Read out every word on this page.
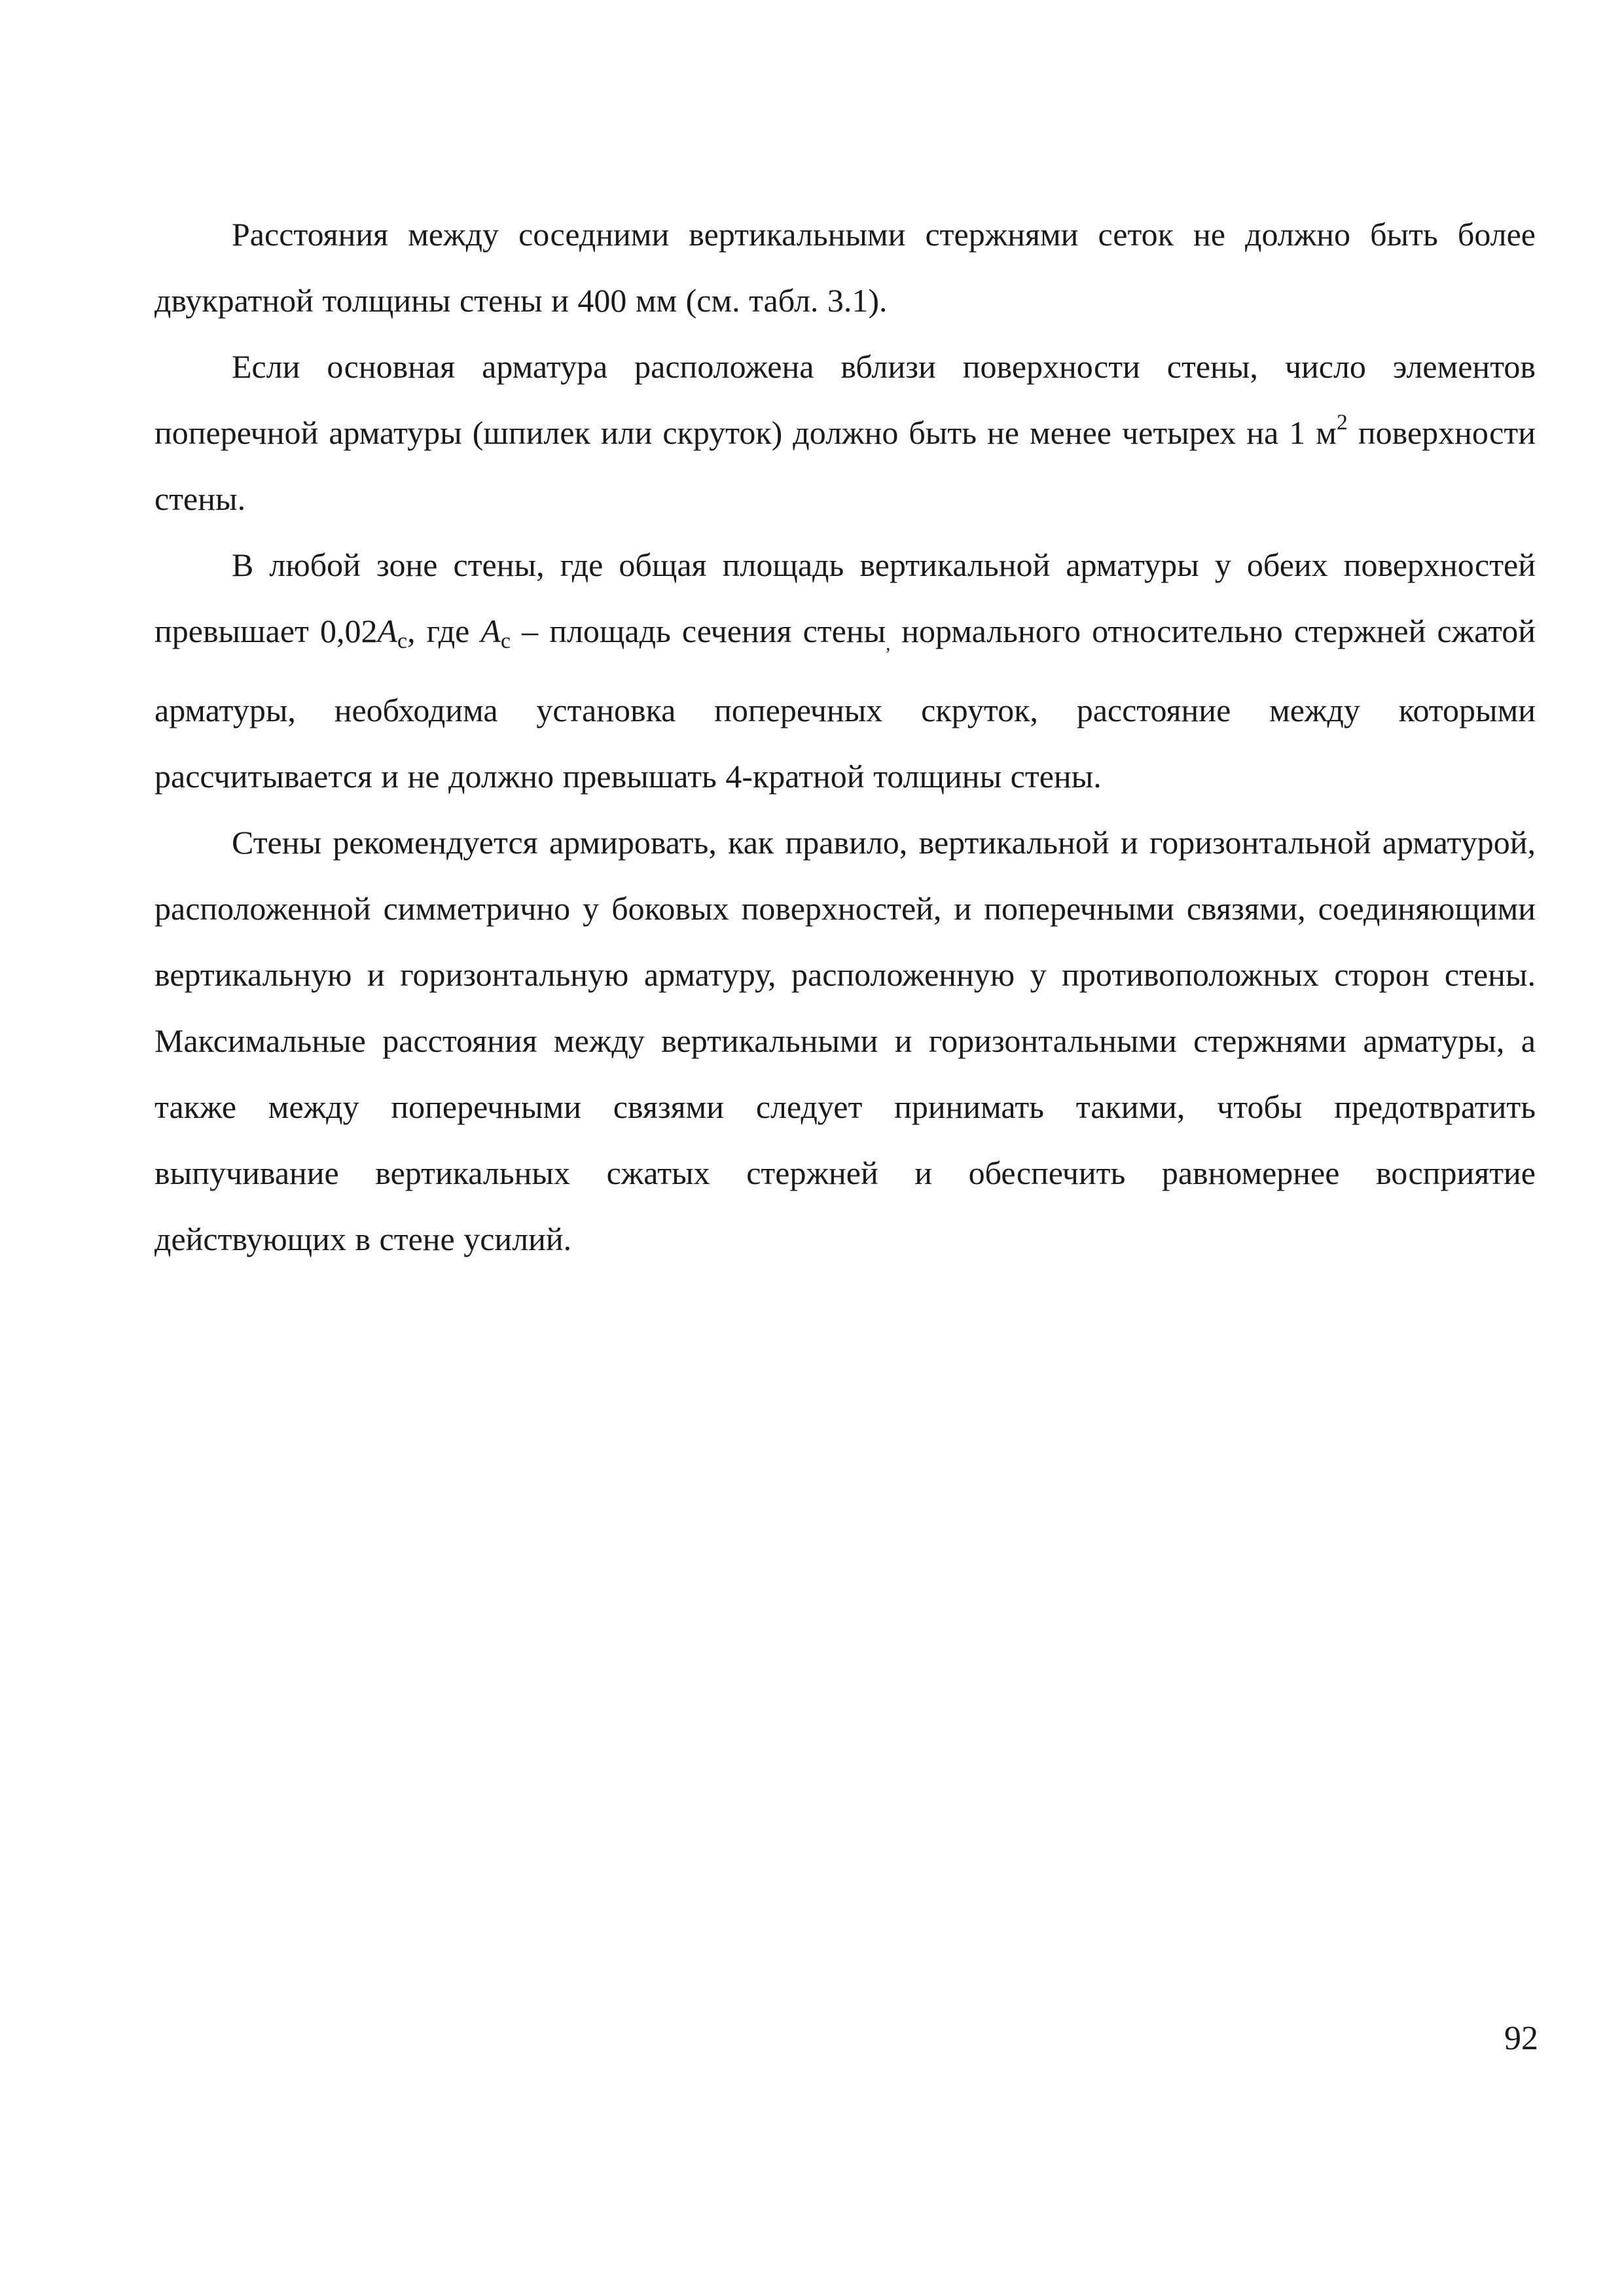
Расстояния между соседними вертикальными стержнями сеток не должно быть более двукратной толщины стены и 400 мм (см. табл. 3.1).

Если основная арматура расположена вблизи поверхности стены, число элементов поперечной арматуры (шпилек или скруток) должно быть не менее четырех на 1 $м^2$ поверхности стены.

В любой зоне стены, где общая площадь вертикальной арматуры у обеих поверхностей превышает $0,02A_c$, где $A_c$ – площадь сечения стены$_,$ нормального относительно стержней сжатой арматуры, необходима установка поперечных скруток, расстояние между которыми рассчитывается и не должно превышать 4-кратной толщины стены.

Стены рекомендуется армировать, как правило, вертикальной и горизонтальной арматурой, расположенной симметрично у боковых поверхностей, и поперечными связями, соединяющими вертикальную и горизонтальную арматуру, расположенную у противоположных сторон стены. Максимальные расстояния между вертикальными и горизонтальными стержнями арматуры, а также между поперечными связями следует принимать такими, чтобы предотвратить выпучивание вертикальных сжатых стержней и обеспечить равномернее восприятие действующих в стене усилий.

92
